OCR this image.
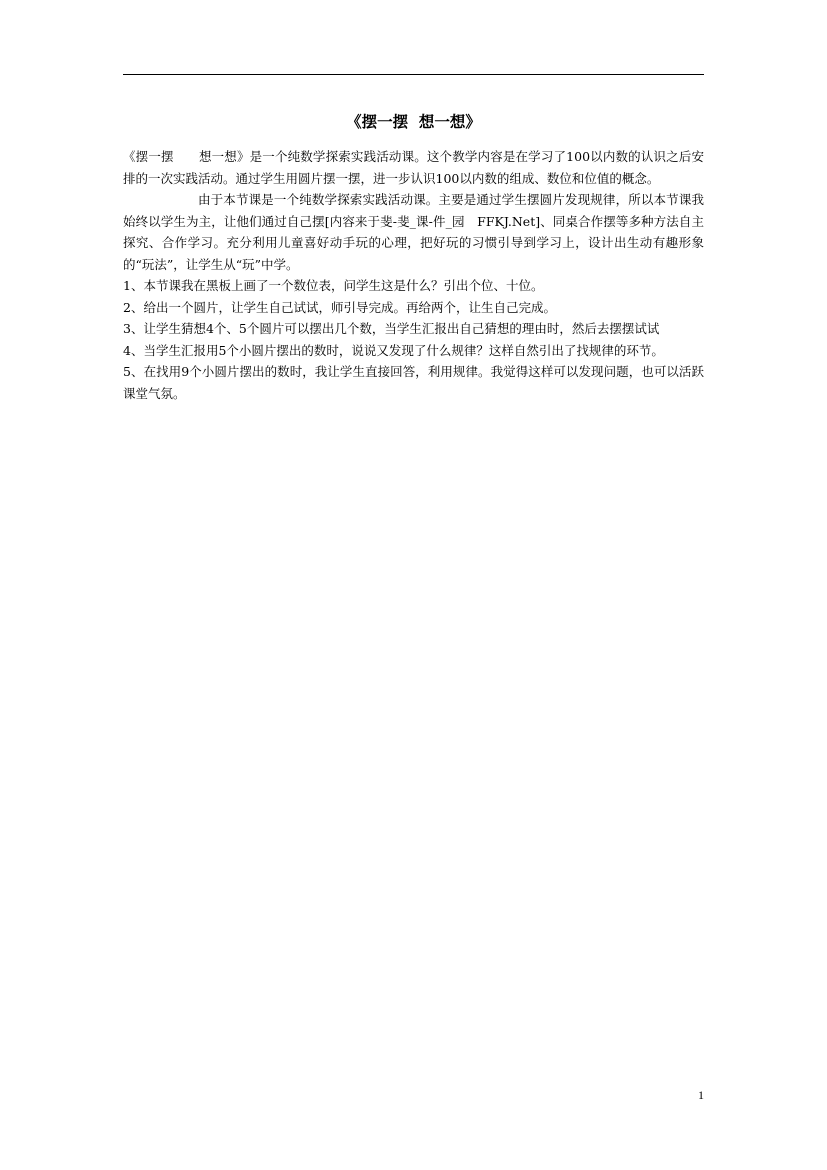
《摆一摆  想一想》

《摆一摆　　想一想》是一个纯数学探索实践活动课。这个教学内容是在学习了100以内数的认识之后安排的一次实践活动。通过学生用圆片摆一摆，进一步认识100以内数的组成、数位和位值的概念。

由于本节课是一个纯数学探索实践活动课。主要是通过学生摆圆片发现规律，所以本节课我始终以学生为主，让他们通过自己摆[内容来于斐-斐_课-件_园　FFKJ.Net]、同桌合作摆等多种方法自主探究、合作学习。充分利用儿童喜好动手玩的心理，把好玩的习惯引导到学习上，设计出生动有趣形象的“玩法”，让学生从“玩”中学。

1、本节课我在黑板上画了一个数位表，问学生这是什么？引出个位、十位。

2、给出一个圆片，让学生自己试试，师引导完成。再给两个，让生自己完成。

3、让学生猜想4个、5个圆片可以摆出几个数，当学生汇报出自己猜想的理由时，然后去摆摆试试

4、当学生汇报用5个小圆片摆出的数时，说说又发现了什么规律？这样自然引出了找规律的环节。

5、在找用9个小圆片摆出的数时，我让学生直接回答，利用规律。我觉得这样可以发现问题，也可以活跃课堂气氛。

1
